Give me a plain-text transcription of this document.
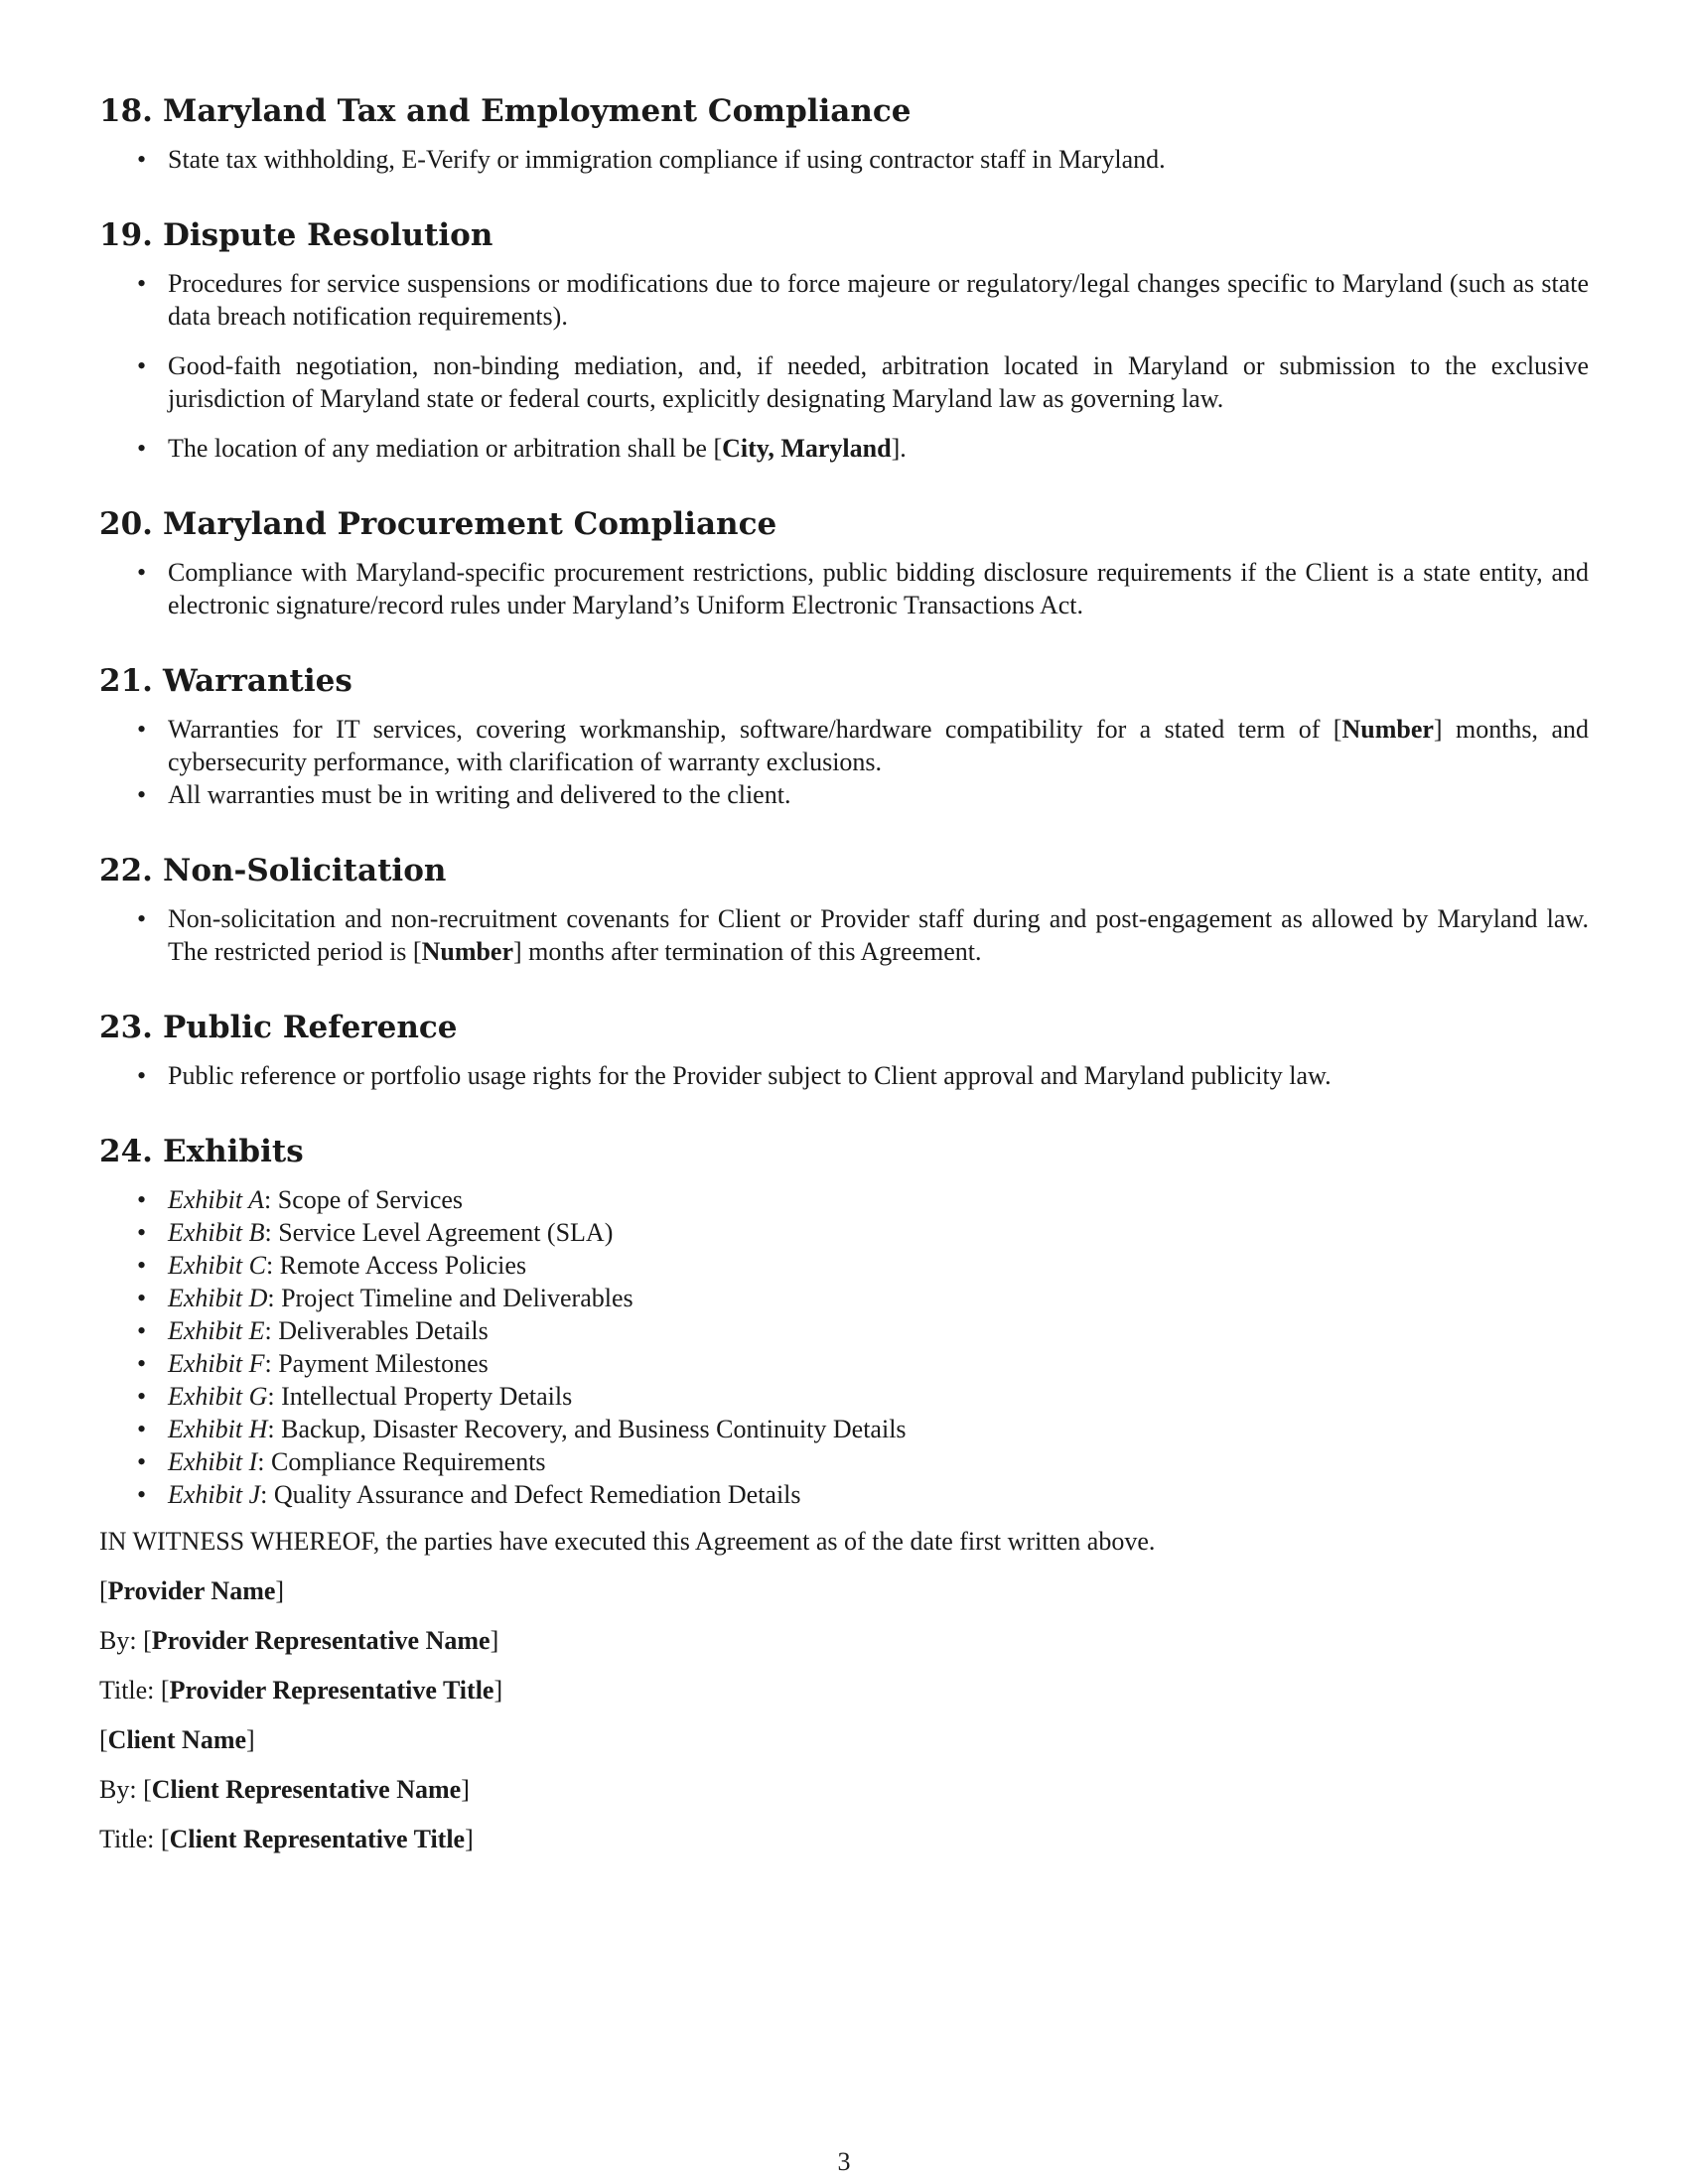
18. Maryland Tax and Employment Compliance
• State tax withholding, E-Verify or immigration compliance if using contractor staff in Maryland.
19. Dispute Resolution
• Procedures for service suspensions or modifications due to force majeure or regulatory/legal changes specific to Maryland (such as state data breach notification requirements).
• Good-faith negotiation, non-binding mediation, and, if needed, arbitration located in Maryland or submission to the exclusive jurisdiction of Maryland state or federal courts, explicitly designating Maryland law as governing law.
• The location of any mediation or arbitration shall be [City, Maryland].
20. Maryland Procurement Compliance
• Compliance with Maryland-specific procurement restrictions, public bidding disclosure requirements if the Client is a state entity, and electronic signature/record rules under Maryland’s Uniform Electronic Transactions Act.
21. Warranties
• Warranties for IT services, covering workmanship, software/hardware compatibility for a stated term of [Number] months, and cybersecurity performance, with clarification of warranty exclusions.
• All warranties must be in writing and delivered to the client.
22. Non-Solicitation
• Non-solicitation and non-recruitment covenants for Client or Provider staff during and post-engagement as allowed by Maryland law. The restricted period is [Number] months after termination of this Agreement.
23. Public Reference
• Public reference or portfolio usage rights for the Provider subject to Client approval and Maryland publicity law.
24. Exhibits
• Exhibit A: Scope of Services
• Exhibit B: Service Level Agreement (SLA)
• Exhibit C: Remote Access Policies
• Exhibit D: Project Timeline and Deliverables
• Exhibit E: Deliverables Details
• Exhibit F: Payment Milestones
• Exhibit G: Intellectual Property Details
• Exhibit H: Backup, Disaster Recovery, and Business Continuity Details
• Exhibit I: Compliance Requirements
• Exhibit J: Quality Assurance and Defect Remediation Details

IN WITNESS WHEREOF, the parties have executed this Agreement as of the date first written above.

[Provider Name]

By: [Provider Representative Name]

Title: [Provider Representative Title]

[Client Name]

By: [Client Representative Name]

Title: [Client Representative Title]

3
